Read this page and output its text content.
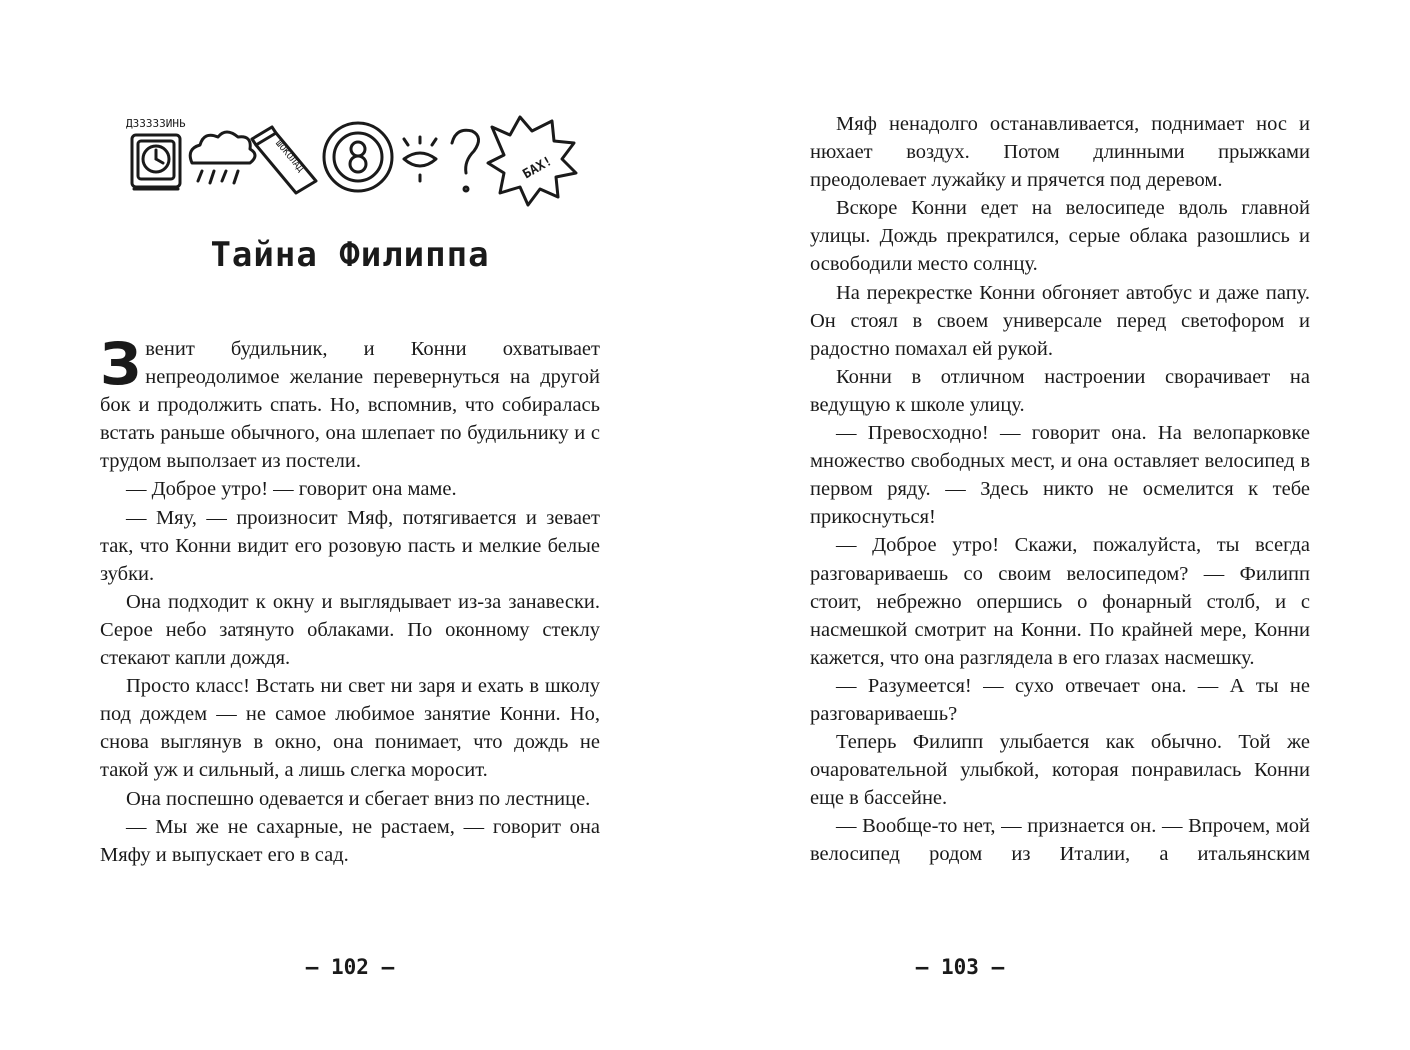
ДЗЗЗЗЗИНЬ
ШОКОЛАД	БАХ!
Тайна Филиппа

Звенит будильник, и Конни охватывает непреодолимое желание перевернуться на другой бок и продолжить спать. Но, вспомнив, что собиралась встать раньше обычного, она шлепает по будильнику и с трудом выползает из постели.

— Доброе утро! — говорит она маме.

— Мяу, — произносит Мяф, потягивается и зевает так, что Конни видит его розовую пасть и мелкие белые зубки.

Она подходит к окну и выглядывает из-за занавески. Серое небо затянуто облаками. По оконному стеклу стекают капли дождя.

Просто класс! Встать ни свет ни заря и ехать в школу под дождем — не самое любимое занятие Конни. Но, снова выглянув в окно, она понимает, что дождь не такой уж и сильный, а лишь слегка моросит.

Она поспешно одевается и сбегает вниз по лестнице.

— Мы же не сахарные, не растаем, — говорит она Мяфу и выпускает его в сад.

– 102 –

Мяф ненадолго останавливается, поднимает нос и нюхает воздух. Потом длинными прыжками преодолевает лужайку и прячется под деревом.

Вскоре Конни едет на велосипеде вдоль главной улицы. Дождь прекратился, серые облака разошлись и освободили место солнцу.

На перекрестке Конни обгоняет автобус и даже папу. Он стоял в своем универсале перед светофором и радостно помахал ей рукой.

Конни в отличном настроении сворачивает на ведущую к школе улицу.

— Превосходно! — говорит она. На велопарковке множество свободных мест, и она оставляет велосипед в первом ряду. — Здесь никто не осмелится к тебе прикоснуться!

— Доброе утро! Скажи, пожалуйста, ты всегда разговариваешь со своим велосипедом? — Филипп стоит, небрежно опершись о фонарный столб, и с насмешкой смотрит на Конни. По крайней мере, Конни кажется, что она разглядела в его глазах насмешку.

— Разумеется! — сухо отвечает она. — А ты не разговариваешь?

Теперь Филипп улыбается как обычно. Той же очаровательной улыбкой, которая понравилась Конни еще в бассейне.

— Вообще-то нет, — признается он. — Впрочем, мой велосипед родом из Италии, а итальянским

– 103 –
